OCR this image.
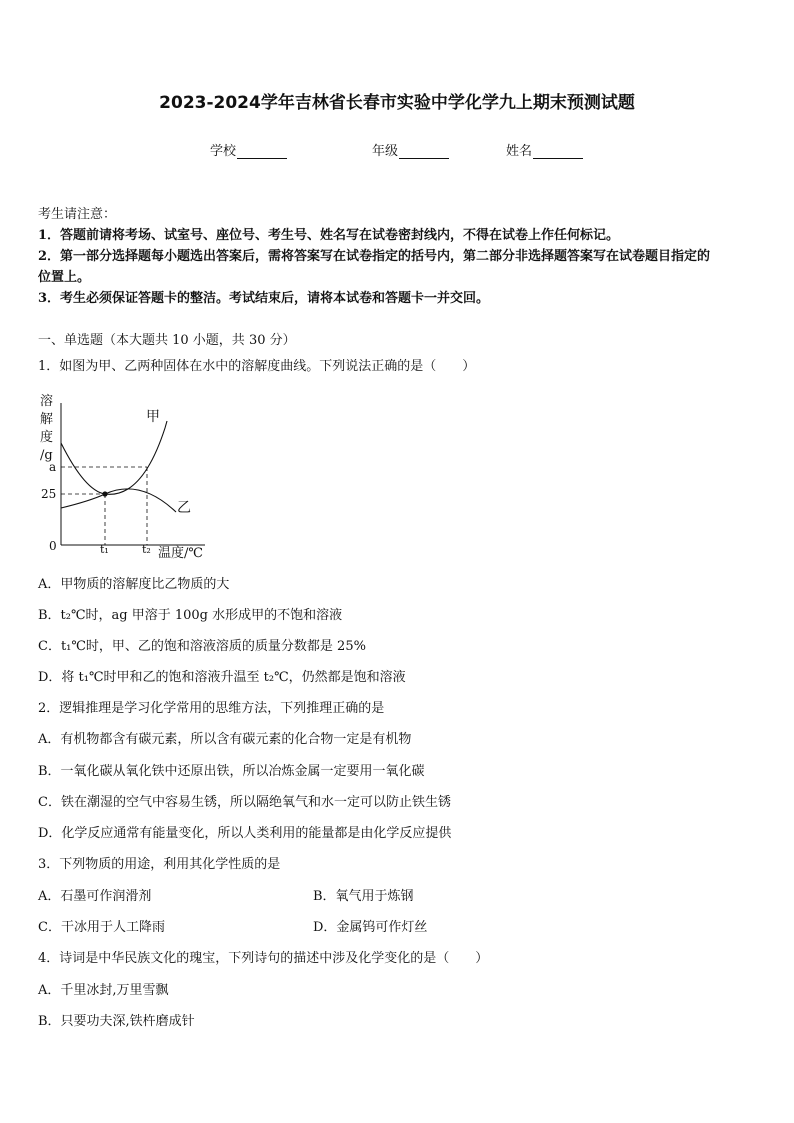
2023-2024学年吉林省长春市实验中学化学九上期末预测试题
学校	年级	姓名
考生请注意：
1．答题前请将考场、试室号、座位号、考生号、姓名写在试卷密封线内，不得在试卷上作任何标记。
2．第一部分选择题每小题选出答案后，需将答案写在试卷指定的括号内，第二部分非选择题答案写在试卷题目指定的
位置上。
3．考生必须保证答题卡的整洁。考试结束后，请将本试卷和答题卡一并交回。
一、单选题（本大题共 10 小题，共 30 分）
1．如图为甲、乙两种固体在水中的溶解度曲线。下列说法正确的是（　　）
溶
解
度
/g
a
25
0	t₁	t₂ 温度/℃
甲
乙
A．甲物质的溶解度比乙物质的大
B．t₂℃时，ag 甲溶于 100g 水形成甲的不饱和溶液
C．t₁℃时，甲、乙的饱和溶液溶质的质量分数都是 25%
D．将 t₁℃时甲和乙的饱和溶液升温至 t₂℃，仍然都是饱和溶液
2．逻辑推理是学习化学常用的思维方法，下列推理正确的是
A．有机物都含有碳元素，所以含有碳元素的化合物一定是有机物
B．一氧化碳从氧化铁中还原出铁，所以冶炼金属一定要用一氧化碳
C．铁在潮湿的空气中容易生锈，所以隔绝氧气和水一定可以防止铁生锈
D．化学反应通常有能量变化，所以人类利用的能量都是由化学反应提供
3．下列物质的用途，利用其化学性质的是
A．石墨可作润滑剂	B．氧气用于炼钢
C．干冰用于人工降雨	D．金属钨可作灯丝
4．诗词是中华民族文化的瑰宝，下列诗句的描述中涉及化学变化的是（　　）
A．千里冰封,万里雪飘
B．只要功夫深,铁杵磨成针
